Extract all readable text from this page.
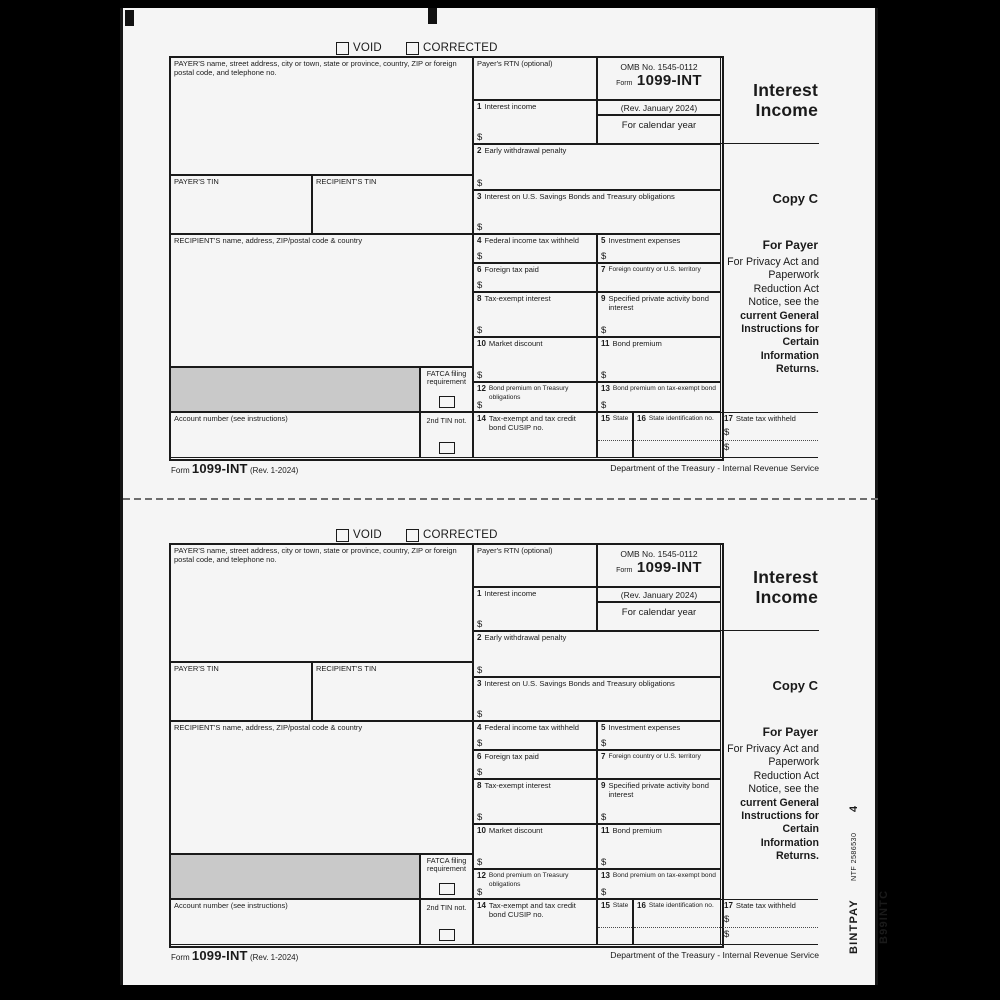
VOID	CORRECTED
PAYER'S name, street address, city or town, state or province, country, ZIP or foreign postal code, and telephone no.
PAYER'S TIN	RECIPIENT'S TIN
RECIPIENT'S name, address, ZIP/postal code & country
FATCA filing requirement
Account number (see instructions)	2nd TIN not.
Payer's RTN (optional)	OMB No. 1545-0112
Form 1099-INT
(Rev. January 2024)
For calendar year
1 Interest income
$
2 Early withdrawal penalty
$
3 Interest on U.S. Savings Bonds and Treasury obligations
$
4 Federal income tax withheld
$
5 Investment expenses
$
6 Foreign tax paid
$
7 Foreign country or U.S. territory
8 Tax-exempt interest
$
9 Specified private activity bond interest
$
10 Market discount
$
11 Bond premium
$
12 Bond premium on Treasury obligations
$
13 Bond premium on tax-exempt bond
$
14 Tax-exempt and tax credit bond CUSIP no.
15 State 16 State identification no. 17 State tax withheld
$
$
Interest
Income
Copy C
For Payer
For Privacy Act and Paperwork Reduction Act Notice, see the current General Instructions for Certain Information Returns.
Form 1099-INT (Rev. 1-2024)	Department of the Treasury - Internal Revenue Service
VOID	CORRECTED
PAYER'S name, street address, city or town, state or province, country, ZIP or foreign postal code, and telephone no.
PAYER'S TIN	RECIPIENT'S TIN
RECIPIENT'S name, address, ZIP/postal code & country
FATCA filing requirement
Account number (see instructions)	2nd TIN not.
Payer's RTN (optional)	OMB No. 1545-0112
Form 1099-INT
(Rev. January 2024)
For calendar year
1 Interest income
$
2 Early withdrawal penalty
$
3 Interest on U.S. Savings Bonds and Treasury obligations
$
4 Federal income tax withheld
$
5 Investment expenses
$
6 Foreign tax paid
$
7 Foreign country or U.S. territory
8 Tax-exempt interest
$
9 Specified private activity bond interest
$
10 Market discount
$
11 Bond premium
$
12 Bond premium on Treasury obligations
$
13 Bond premium on tax-exempt bond
$
14 Tax-exempt and tax credit bond CUSIP no.
15 State 16 State identification no. 17 State tax withheld
$
$
Interest
Income
Copy C
For Payer
For Privacy Act and Paperwork Reduction Act Notice, see the current General Instructions for Certain Information Returns.
Form 1099-INT (Rev. 1-2024)	Department of the Treasury - Internal Revenue Service
BINTPAY NTF 2586530 4 B99INTC
